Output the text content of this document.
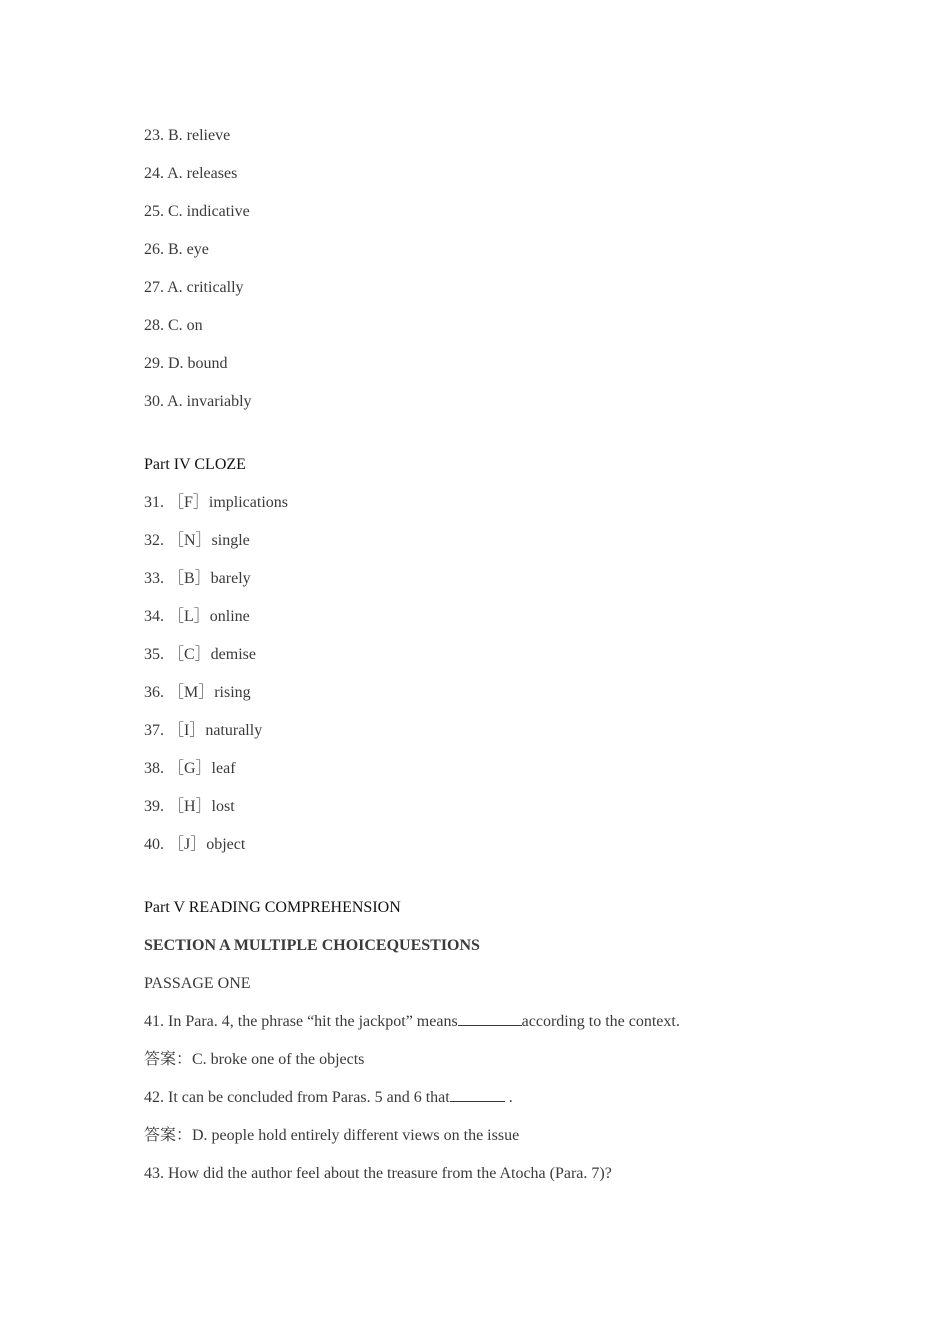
23. B. relieve
24. A. releases
25. C. indicative
26. B. eye
27. A. critically
28. C. on
29. D. bound
30. A. invariably
Part IV CLOZE
31. ［F］implications
32. ［N］single
33. ［B］barely
34. ［L］online
35. ［C］demise
36. ［M］rising
37. ［I］naturally
38. ［G］leaf
39. ［H］lost
40. ［J］object
Part V READING COMPREHENSION
SECTION A MULTIPLE CHOICEQUESTIONS
PASSAGE ONE
41. In Para. 4, the phrase “hit the jackpot” means	according to the context.
答案：C. broke one of the objects
42. It can be concluded from Paras. 5 and 6 that	.
答案：D. people hold entirely different views on the issue
43. How did the author feel about the treasure from the Atocha (Para. 7)?
